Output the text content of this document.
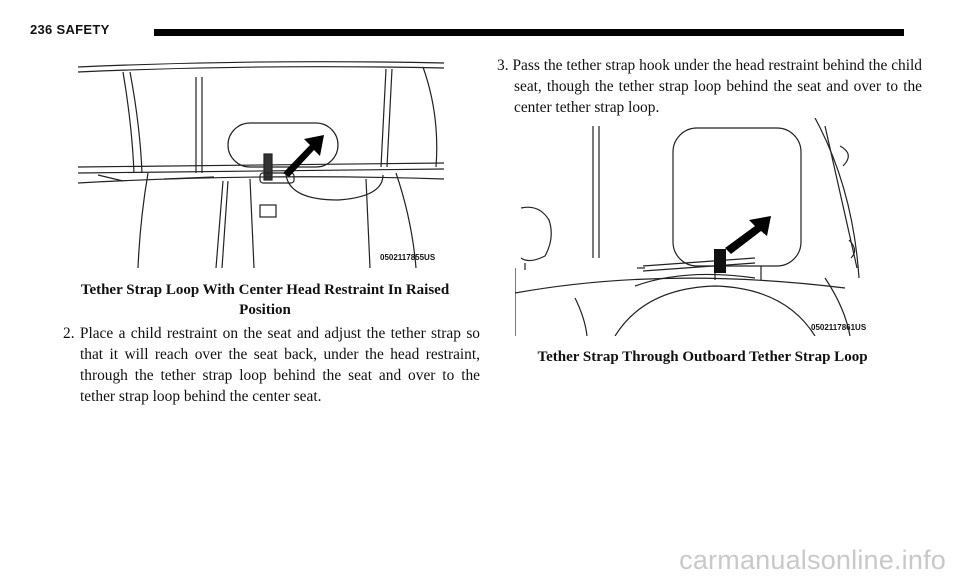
236 SAFETY
0502117855US
Tether Strap Loop With Center Head Restraint In Raised Position
2. Place a child restraint on the seat and adjust the tether strap so that it will reach over the seat back, under the head restraint, through the tether strap loop behind the seat and over to the tether strap loop behind the center seat.
3. Pass the tether strap hook under the head restraint behind the child seat, though the tether strap loop behind the seat and over to the center tether strap loop.
0502117861US
Tether Strap Through Outboard Tether Strap Loop
carmanualsonline.info
